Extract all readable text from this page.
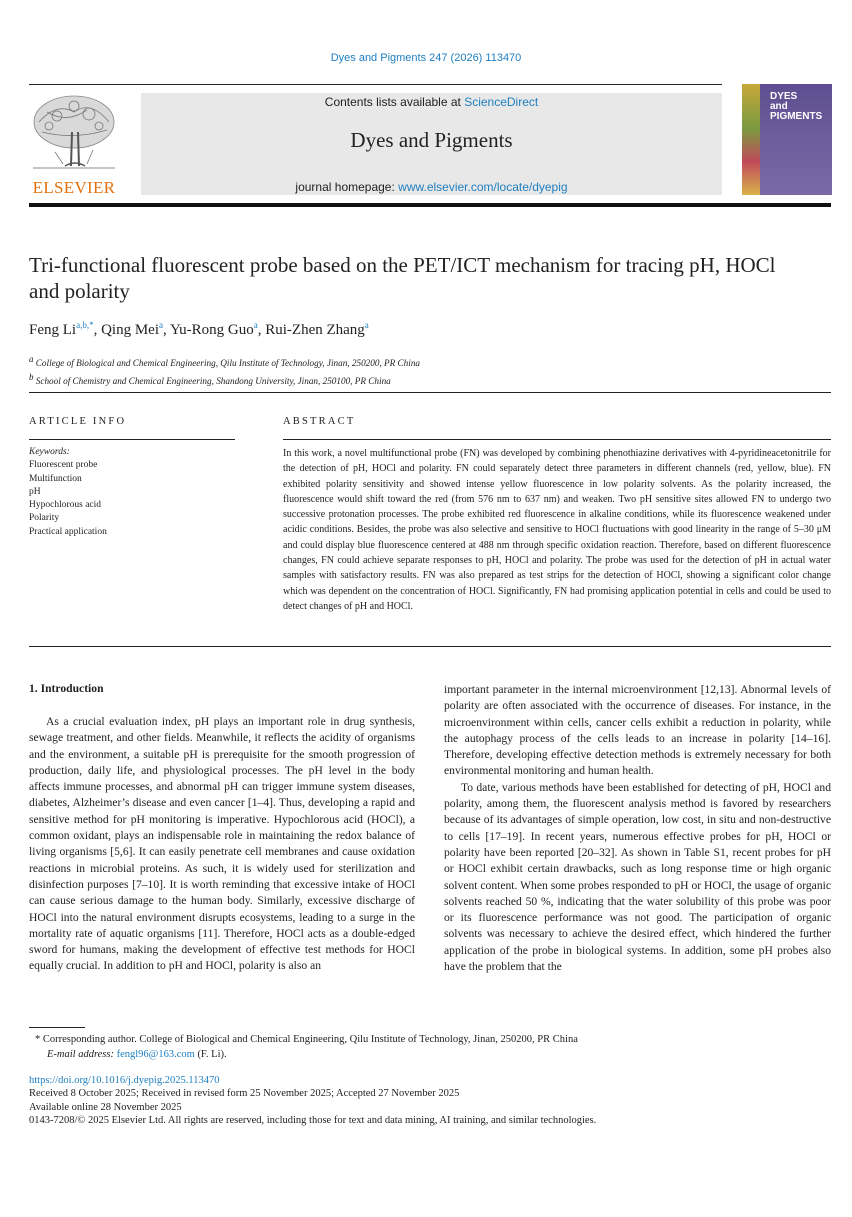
Dyes and Pigments 247 (2026) 113470
ELSEVIER
Contents lists available at ScienceDirect
Dyes and Pigments
journal homepage: www.elsevier.com/locate/dyepig
DYES
and
PIGMENTS
Tri-functional fluorescent probe based on the PET/ICT mechanism for tracing pH, HOCl and polarity
Feng $Li^{a,b,*}$, Qing Mei$^a$, Yu-Rong Guo$^a$, Rui-Zhen Zhang$^a$
$^a$ College of Biological and Chemical Engineering, Qilu Institute of Technology, Jinan, 250200, PR China
$^b$ School of Chemistry and Chemical Engineering, Shandong University, Jinan, 250100, PR China
ARTICLE INFO	ABSTRACT
Keywords:
Fluorescent probe
Multifunction
pH
Hypochlorous acid
Polarity
Practical application
In this work, a novel multifunctional probe (FN) was developed by combining phenothiazine derivatives with 4-pyridineacetonitrile for the detection of pH, HOCl and polarity. FN could separately detect three parameters in different channels (red, yellow, blue). FN exhibited polarity sensitivity and showed intense yellow fluorescence in low polarity solvents. As the polarity increased, the fluorescence would shift toward the red (from 576 nm to 637 nm) and weaken. Two pH sensitive sites allowed FN to undergo two successive protonation processes. The probe exhibited red fluorescence in alkaline conditions, while its fluorescence weakened under acidic conditions. Besides, the probe was also selective and sensitive to HOCl fluctuations with good linearity in the range of 5–30 μM and could display blue fluorescence centered at 488 nm through specific oxidation reaction. Therefore, based on different fluorescence changes, FN could achieve separate responses to pH, HOCl and polarity. The probe was used for the detection of pH in actual water samples with satisfactory results. FN was also prepared as test strips for the detection of HOCl, showing a significant color change which was dependent on the concentration of HOCl. Significantly, FN had promising application potential in cells and could be used to detect changes of pH and HOCl.
1. Introduction

As a crucial evaluation index, pH plays an important role in drug synthesis, sewage treatment, and other fields. Meanwhile, it reflects the acidity of organisms and the environment, a suitable pH is prerequisite for the smooth progression of production, daily life, and physiological processes. The pH level in the body affects immune processes, and abnormal pH can trigger immune system diseases, diabetes, Alzheimer’s disease and even cancer [1–4]. Thus, developing a rapid and sensitive method for pH monitoring is imperative. Hypochlorous acid (HOCl), a common oxidant, plays an indispensable role in maintaining the redox balance of living organisms [5,6]. It can easily penetrate cell membranes and cause oxidation reactions in microbial proteins. As such, it is widely used for sterilization and disinfection purposes [7–10]. It is worth reminding that excessive intake of HOCl can cause serious damage to the human body. Similarly, excessive discharge of HOCl into the natural environment disrupts ecosystems, leading to a surge in the mortality rate of aquatic organisms [11]. Therefore, HOCl acts as a double-edged sword for humans, making the development of effective test methods for HOCl equally crucial. In addition to pH and HOCl, polarity is also an

important parameter in the internal microenvironment [12,13]. Abnormal levels of polarity are often associated with the occurrence of diseases. For instance, in the microenvironment within cells, cancer cells exhibit a reduction in polarity, while the autophagy process of the cells leads to an increase in polarity [14–16]. Therefore, developing effective detection methods is extremely necessary for both environmental monitoring and human health.

To date, various methods have been established for detecting of pH, HOCl and polarity, among them, the fluorescent analysis method is favored by researchers because of its advantages of simple operation, low cost, in situ and non-destructive to cells [17–19]. In recent years, numerous effective probes for pH, HOCl or polarity have been reported [20–32]. As shown in Table S1, recent probes for pH or HOCl exhibit certain drawbacks, such as long response time or high organic solvent content. When some probes responded to pH or HOCl, the usage of organic solvents reached 50 %, indicating that the water solubility of this probe was poor or its fluorescence performance was not good. The participation of organic solvents was necessary to achieve the desired effect, which hindered the further application of the probe in biological systems. In addition, some pH probes also have the problem that the

* Corresponding author. College of Biological and Chemical Engineering, Qilu Institute of Technology, Jinan, 250200, PR China
E-mail address: fengl96@163.com (F. Li).
https://doi.org/10.1016/j.dyepig.2025.113470
Received 8 October 2025; Received in revised form 25 November 2025; Accepted 27 November 2025
Available online 28 November 2025
0143-7208/© 2025 Elsevier Ltd. All rights are reserved, including those for text and data mining, AI training, and similar technologies.
